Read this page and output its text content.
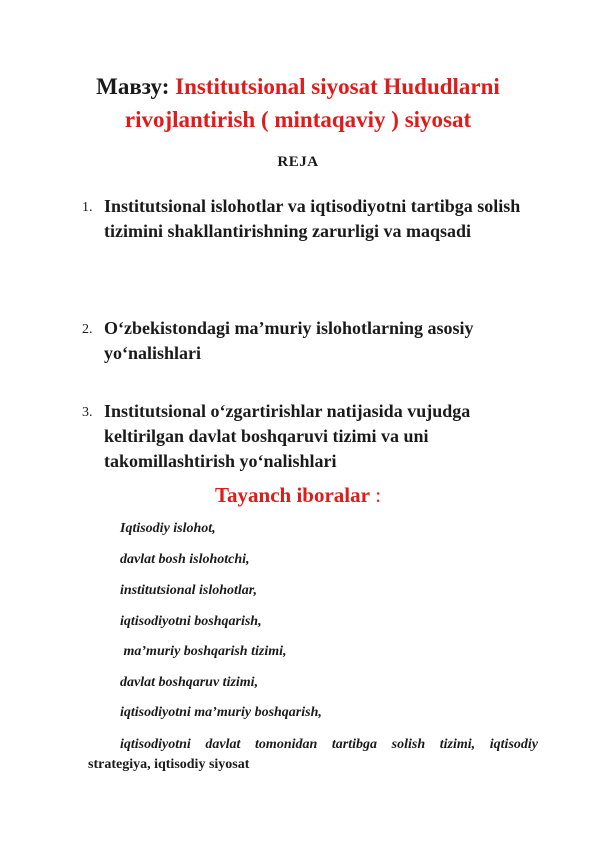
Мавзу: Institutsional siyosat Hududlarni
rivojlantirish ( mintaqaviy ) siyosat
REJA
1. Institutsional islohotlar va iqtisodiyotni tartibga solish tizimini shakllantirishning zarurligi va maqsadi
2. O‘zbekistondagi ma’muriy islohotlarning asosiy yo‘nalishlari
3. Institutsional o‘zgartirishlar natijasida vujudga keltirilgan davlat boshqaruvi tizimi va uni takomillashtirish yo‘nalishlari
Tayanch iboralar :
Iqtisodiy islohot,
davlat bosh islohotchi,
institutsional islohotlar,
iqtisodiyotni boshqarish,
ma’muriy boshqarish tizimi,
davlat boshqaruv tizimi,
iqtisodiyotni ma’muriy boshqarish,
iqtisodiyotni davlat tomonidan tartibga solish tizimi, iqtisodiy
strategiya, iqtisodiy siyosat
